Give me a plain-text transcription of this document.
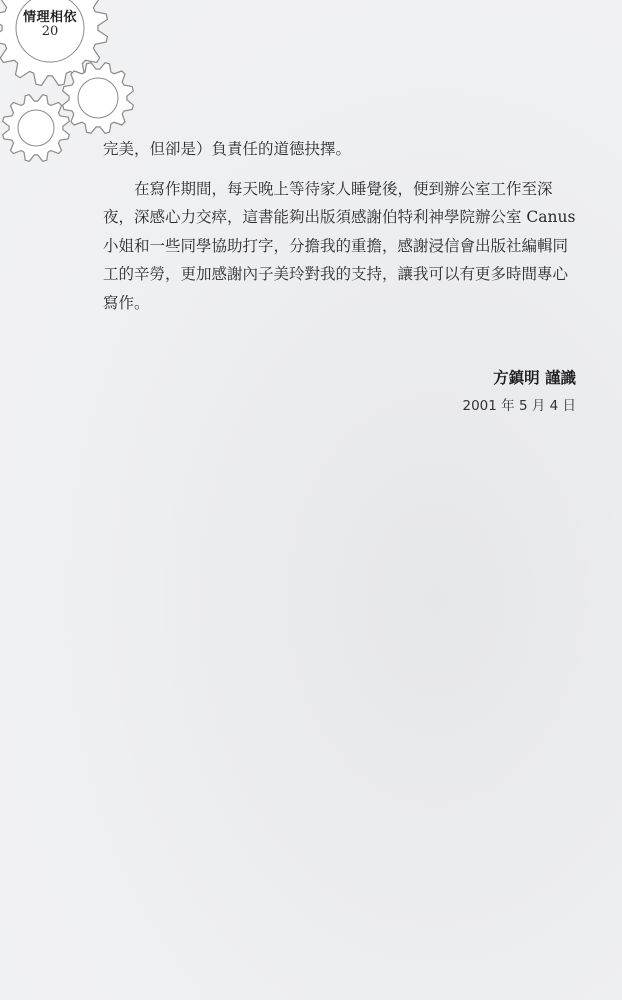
情理相依
20

完美，但卻是）負責任的道德抉擇。

在寫作期間，每天晚上等待家人睡覺後，便到辦公室工作至深夜，深感心力交瘁，這書能夠出版須感謝伯特利神學院辦公室 Canus 小姐和一些同學協助打字，分擔我的重擔，感謝浸信會出版社編輯同工的辛勞，更加感謝內子美玲對我的支持，讓我可以有更多時間專心寫作。

方鎮明 謹識
2001 年 5 月 4 日
